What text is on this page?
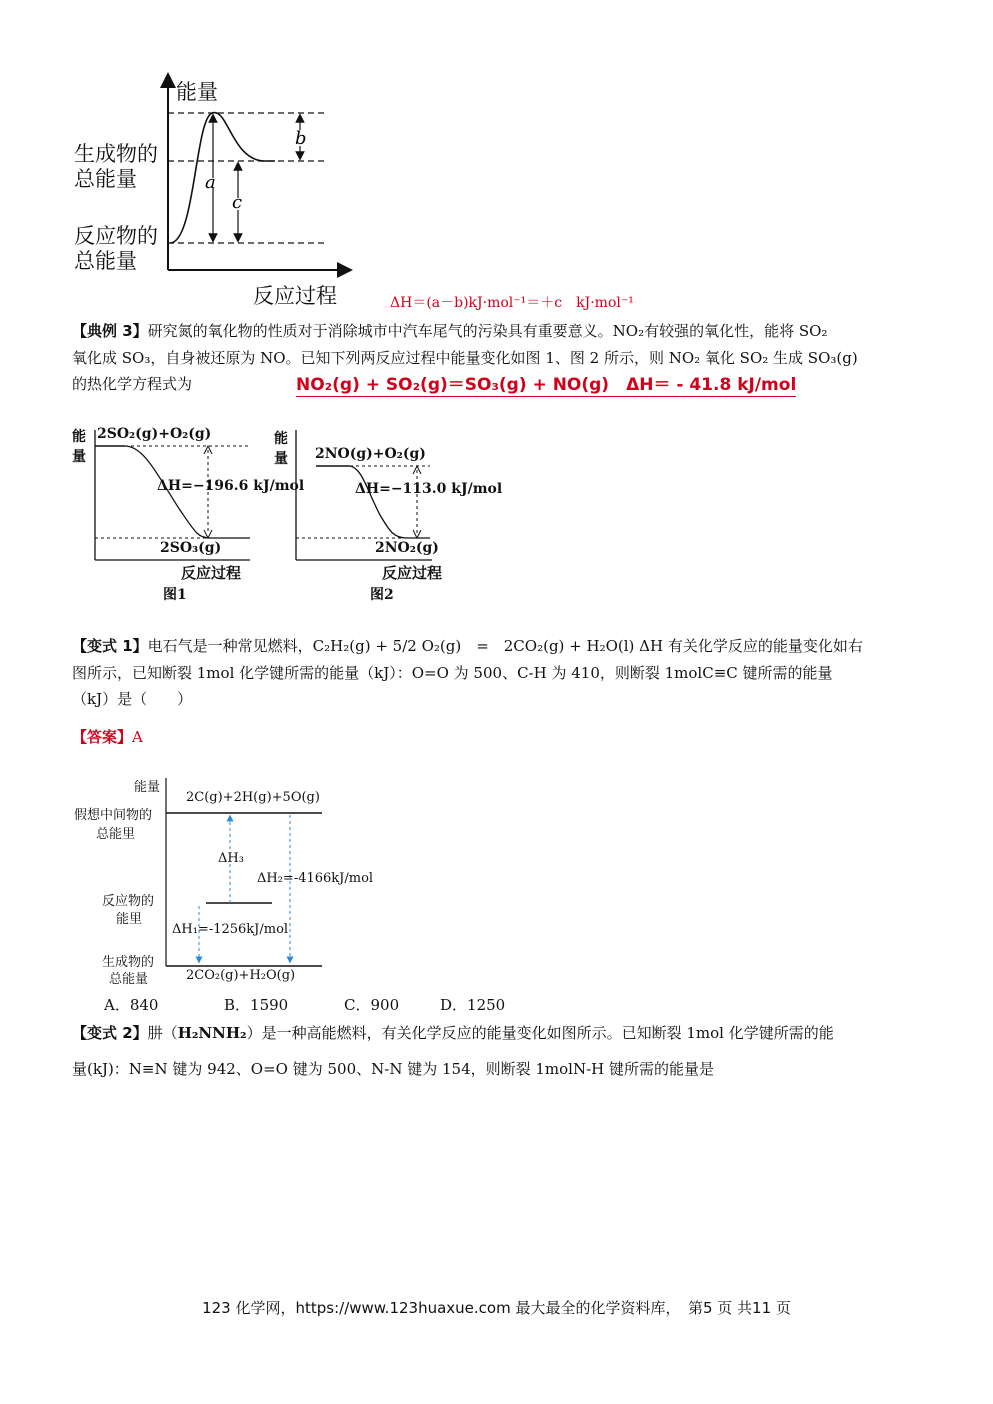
a
c
b
能量
生成物的
总能量
反应物的
总能量
反应过程	ΔH＝(a－b)kJ·mol⁻¹＝＋c　kJ·mol⁻¹
【典例 3】研究氮的氧化物的性质对于消除城市中汽车尾气的污染具有重要意义。NO₂有较强的氧化性，能将 SO₂
氧化成 SO₃，自身被还原为 NO。已知下列两反应过程中能量变化如图 1、图 2 所示，则 NO₂ 氧化 SO₂ 生成 SO₃(g)
的热化学方程式为	NO₂(g) + SO₂(g)＝SO₃(g) + NO(g)　ΔH＝ - 41.8 kJ/mol
能
量
2SO₂(g)+O₂(g)
ΔH=−196.6 kJ/mol
2SO₃(g)
反应过程
图1
能
量 2NO(g)+O₂(g)
ΔH=−113.0 kJ/mol
2NO₂(g)
反应过程
图2
【变式 1】电石气是一种常见燃料，C₂H₂(g) + 5/2 O₂(g)　=　2CO₂(g) + H₂O(l) ΔH 有关化学反应的能量变化如右
图所示，已知断裂 1mol 化学键所需的能量（kJ）：O=O 为 500、C-H 为 410，则断裂 1molC≡C 键所需的能量
（kJ）是（　　）
【答案】A
能量
2C(g)+2H(g)+5O(g)
假想中间物的
总能里
ΔH₃
ΔH₂=-4166kJ/mol
反应物的
能里
ΔH₁=-1256kJ/mol
生成物的
总能量	2CO₂(g)+H₂O(g)
A．840	B．1590	C．900	D．1250
【变式 2】肼（H₂NNH₂）是一种高能燃料，有关化学反应的能量变化如图所示。已知断裂 1mol 化学键所需的能
量(kJ)：N≡N 键为 942、O=O 键为 500、N-N 键为 154，则断裂 1molN-H 键所需的能量是
123 化学网，https://www.123huaxue.com 最大最全的化学资料库，　第5 页 共11 页
